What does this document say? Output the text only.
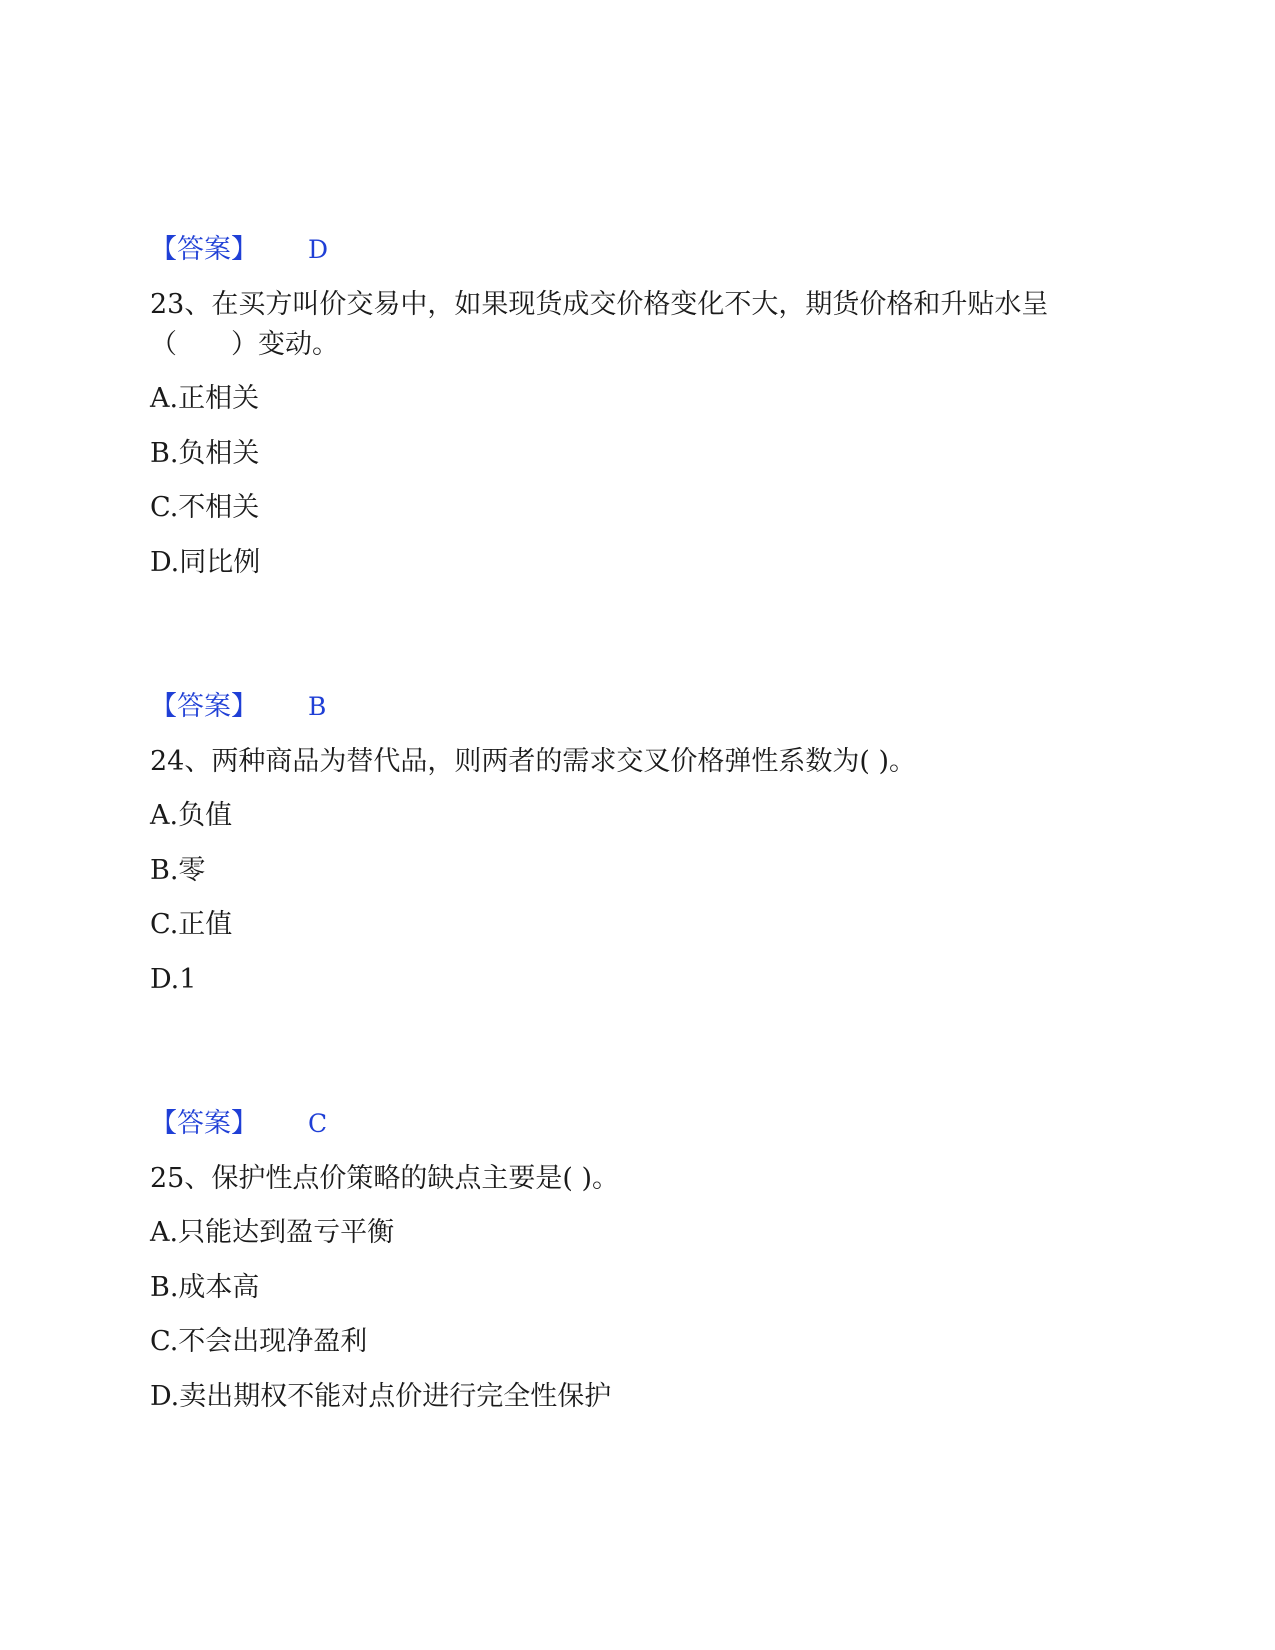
【答案】 D
23、在买方叫价交易中，如果现货成交价格变化不大，期货价格和升贴水呈
（　　）变动。
A.正相关
B.负相关
C.不相关
D.同比例
【答案】 B
24、两种商品为替代品，则两者的需求交叉价格弹性系数为( )。
A.负值
B.零
C.正值
D.1
【答案】 C
25、保护性点价策略的缺点主要是( )。
A.只能达到盈亏平衡
B.成本高
C.不会出现净盈利
D.卖出期权不能对点价进行完全性保护
